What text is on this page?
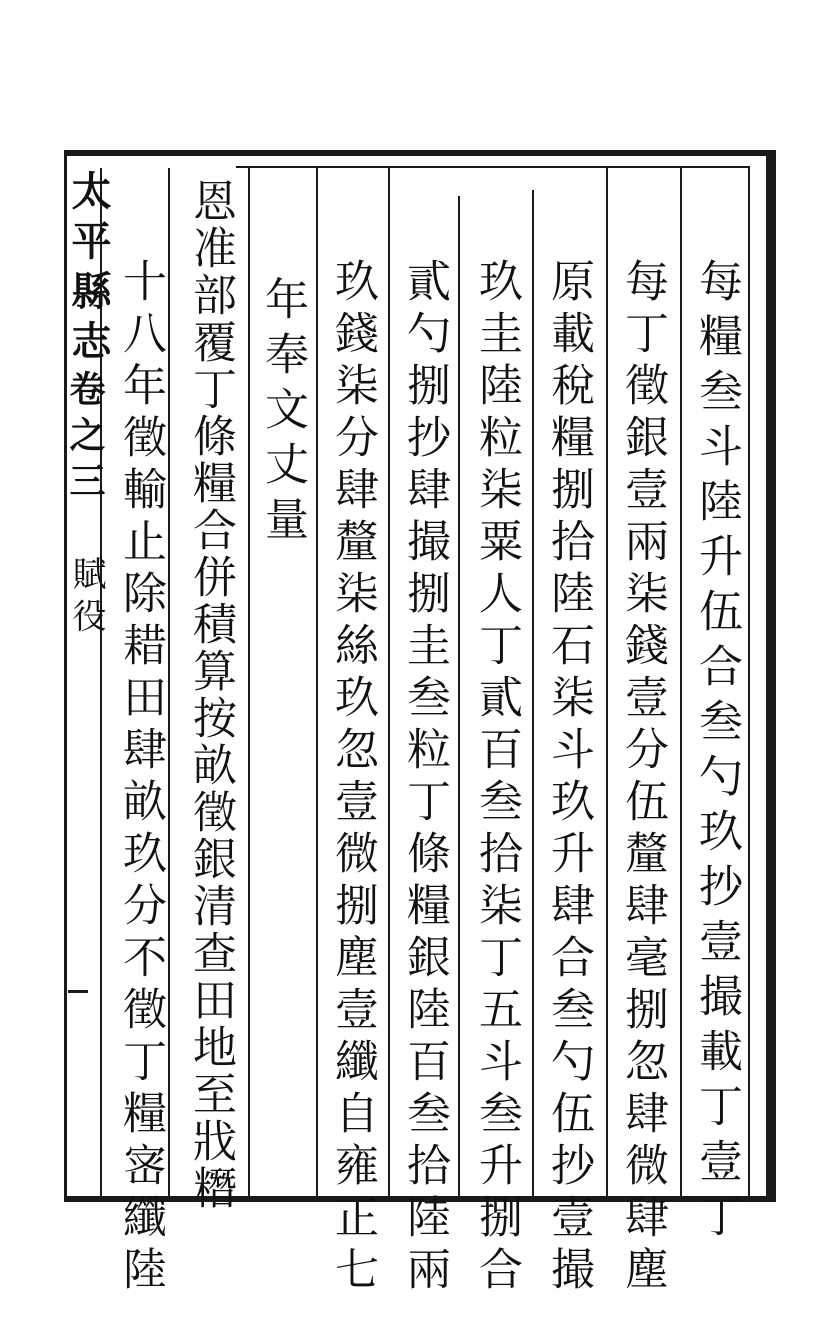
太平縣志
卷之三
賦役	每糧叁斗陸升伍合叁勺玖抄壹撮載丁壹丁
每丁徵銀壹兩柒錢壹分伍釐肆毫捌忽肆微肆塵
原載稅糧捌拾陸石柒斗玖升肆合叁勺伍抄壹撮
玖圭陸粒柒粟人丁貳百叁拾柒丁五斗叁升捌合
貳勺捌抄肆撮捌圭叁粒丁條糧銀陸百叁拾陸兩
玖錢柒分肆釐柒絲玖忽壹微捌塵壹纖自雍正七
年奉文丈量
恩准部覆丁條糧合併積算按畝徵銀清查田地至戕糣
十八年徵輸止除耤田肆畝玖分不徵丁糧宻纖陸
